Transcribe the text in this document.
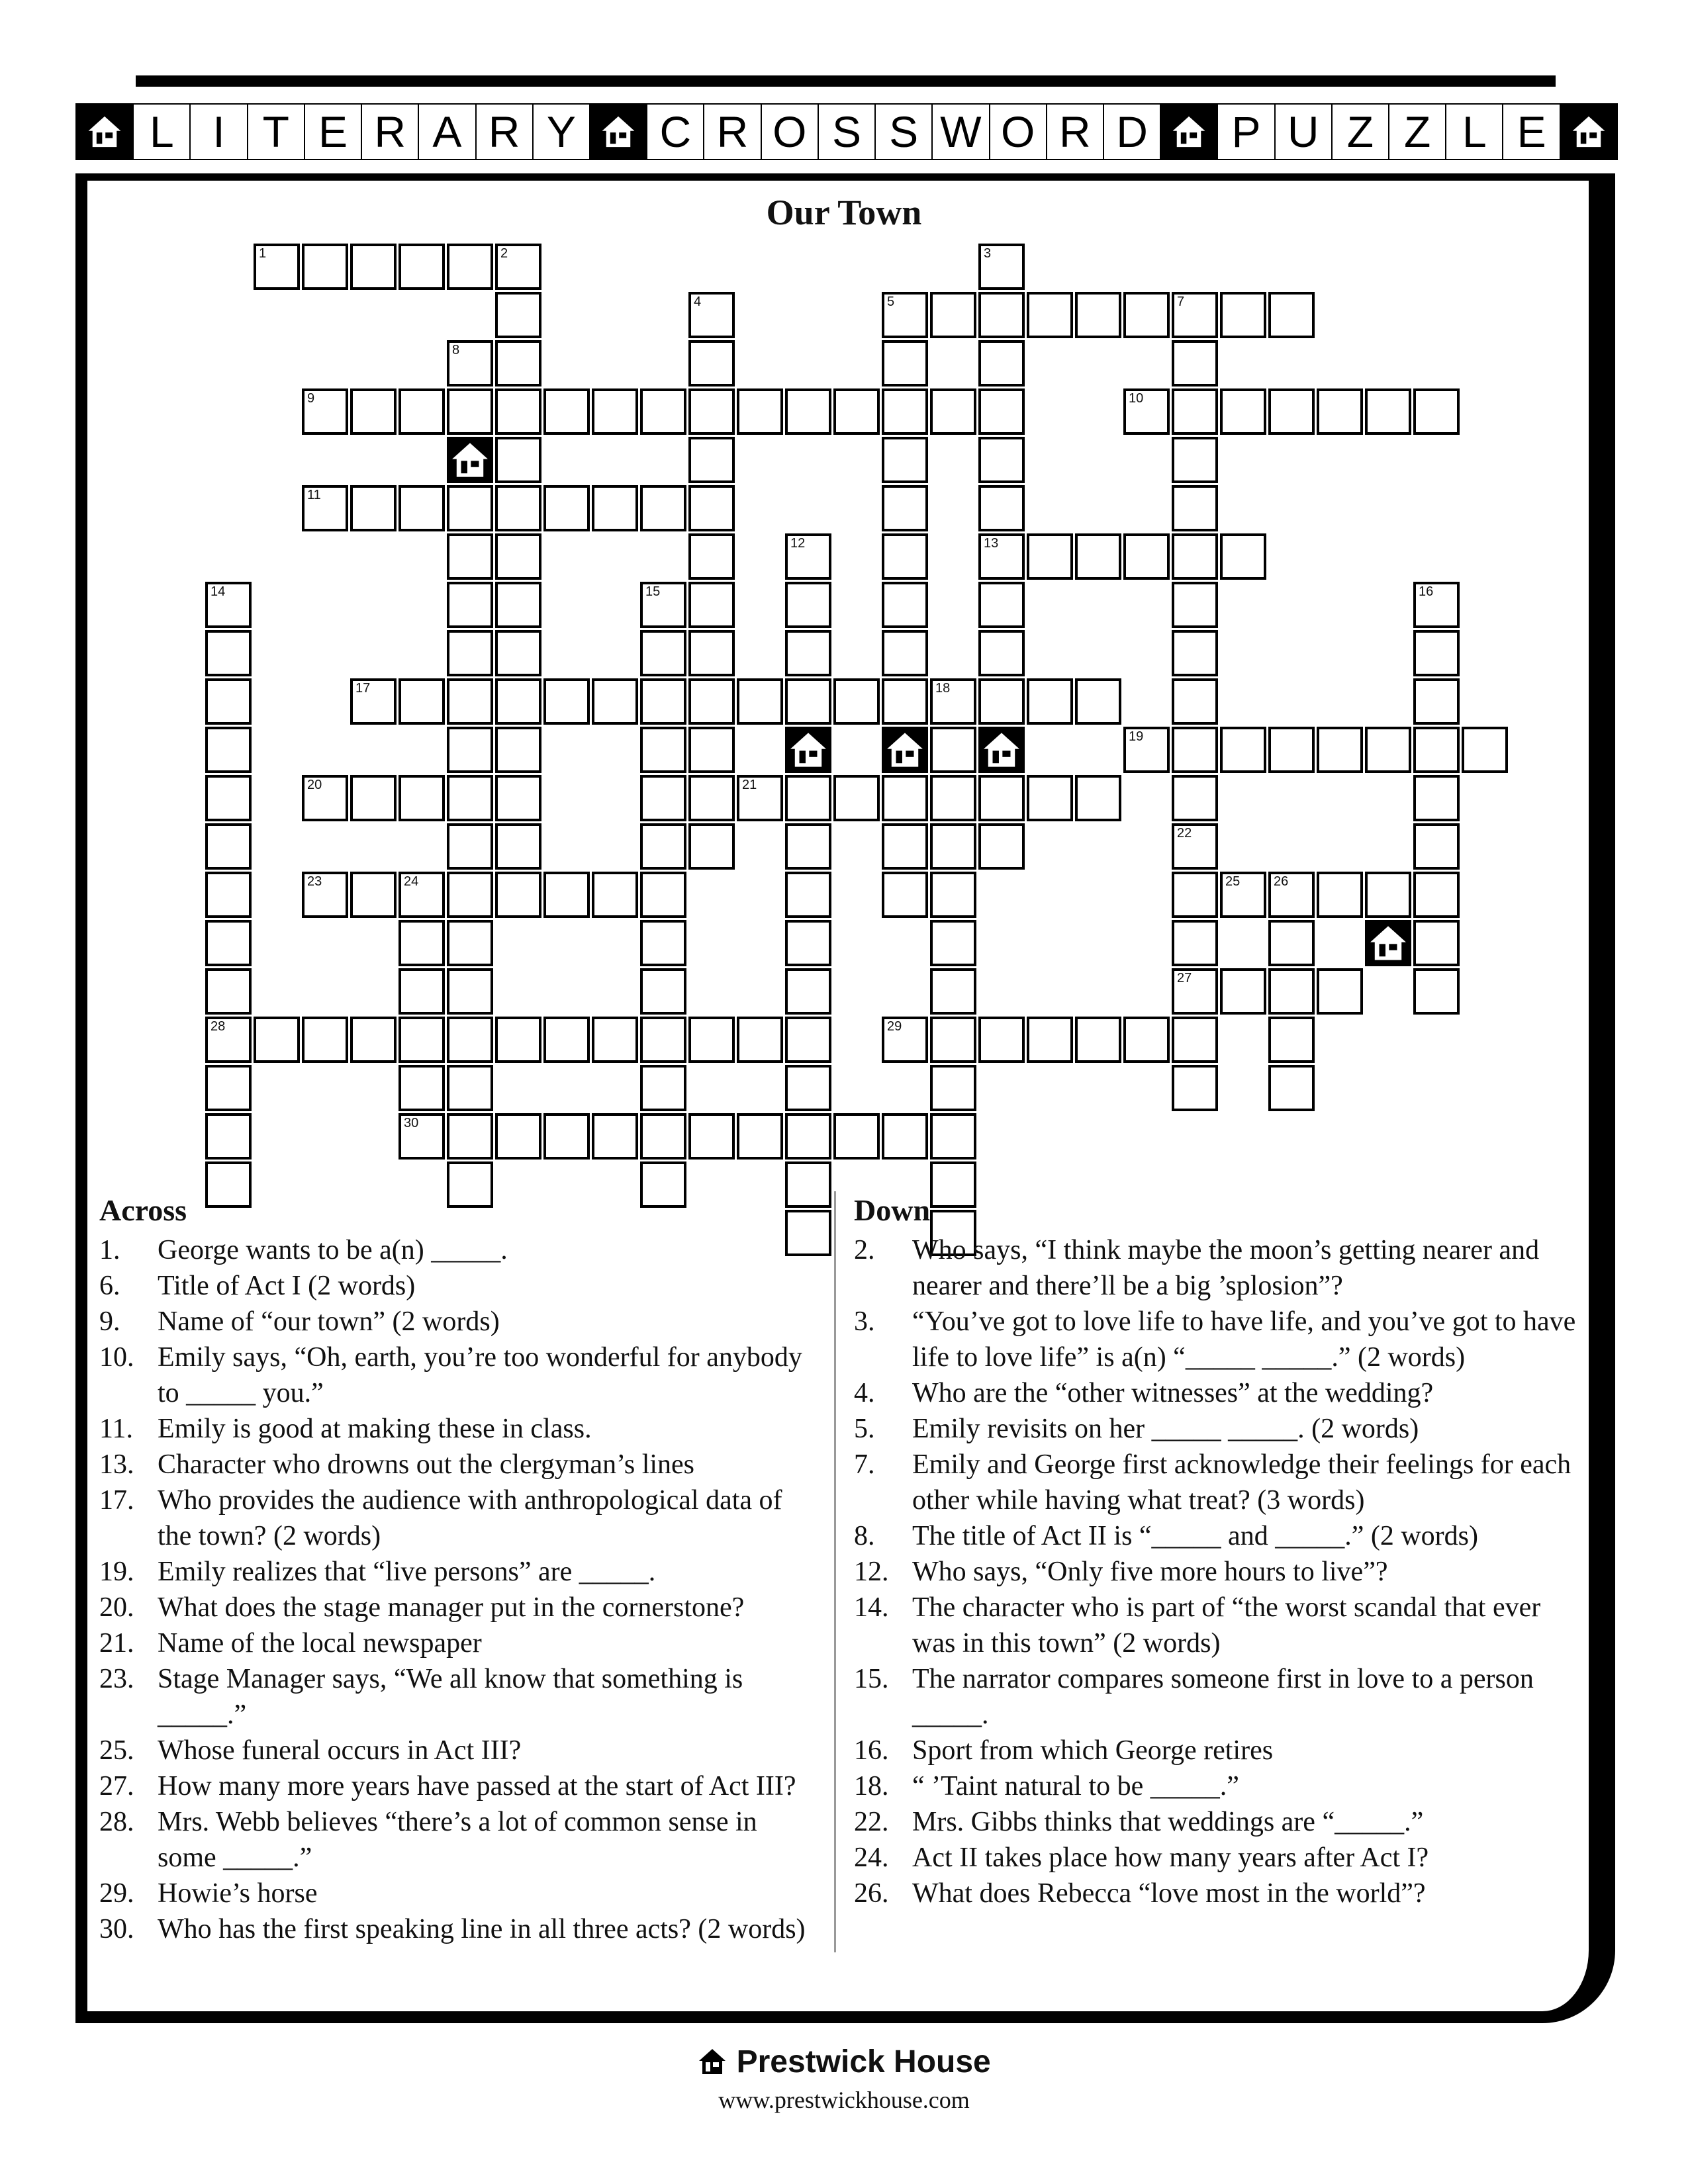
L I T E R A R Y	C R O S S W O R D	P U Z Z L E
Our Town
1	2
5	7
9	10
11
13
17	18
19
20	21
23	24	25	26
27
28	29
30
3
4
22
8
12
14	15	16
Across
1.	George wants to be a(n) _____.
6.	Title of Act I (2 words)
9.	Name of “our town” (2 words)
10. Emily says, “Oh, earth, you’re too wonderful for anybody to _____ you.”
11. Emily is good at making these in class.
13. Character who drowns out the clergyman’s lines
17. Who provides the audience with anthropological data of the town? (2 words)
19. Emily realizes that “live persons” are _____.
20. What does the stage manager put in the cornerstone?
21. Name of the local newspaper
23. Stage Manager says, “We all know that something is _____.”
25. Whose funeral occurs in Act III?
27. How many more years have passed at the start of Act III?
28. Mrs. Webb believes “there’s a lot of common sense in some _____.”
29. Howie’s horse
30. Who has the first speaking line in all three acts? (2 words)
Down
2.	Who says, “I think maybe the moon’s getting nearer and nearer and there’ll be a big ’splosion”?
3.	“You’ve got to love life to have life, and you’ve got to have life to love life” is a(n) “_____ _____.” (2 words)
4.	Who are the “other witnesses” at the wedding?
5.	Emily revisits on her _____ _____. (2 words)
7.	Emily and George first acknowledge their feelings for each other while having what treat? (3 words)
8.	The title of Act II is “_____ and _____.” (2 words)
12. Who says, “Only five more hours to live”?
14. The character who is part of “the worst scandal that ever was in this town” (2 words)
15. The narrator compares someone first in love to a person _____.
16. Sport from which George retires
18. “ ’Taint natural to be _____.”
22. Mrs. Gibbs thinks that weddings are “_____.”
24. Act II takes place how many years after Act I?
26. What does Rebecca “love most in the world”?
Prestwick House
www.prestwickhouse.com
